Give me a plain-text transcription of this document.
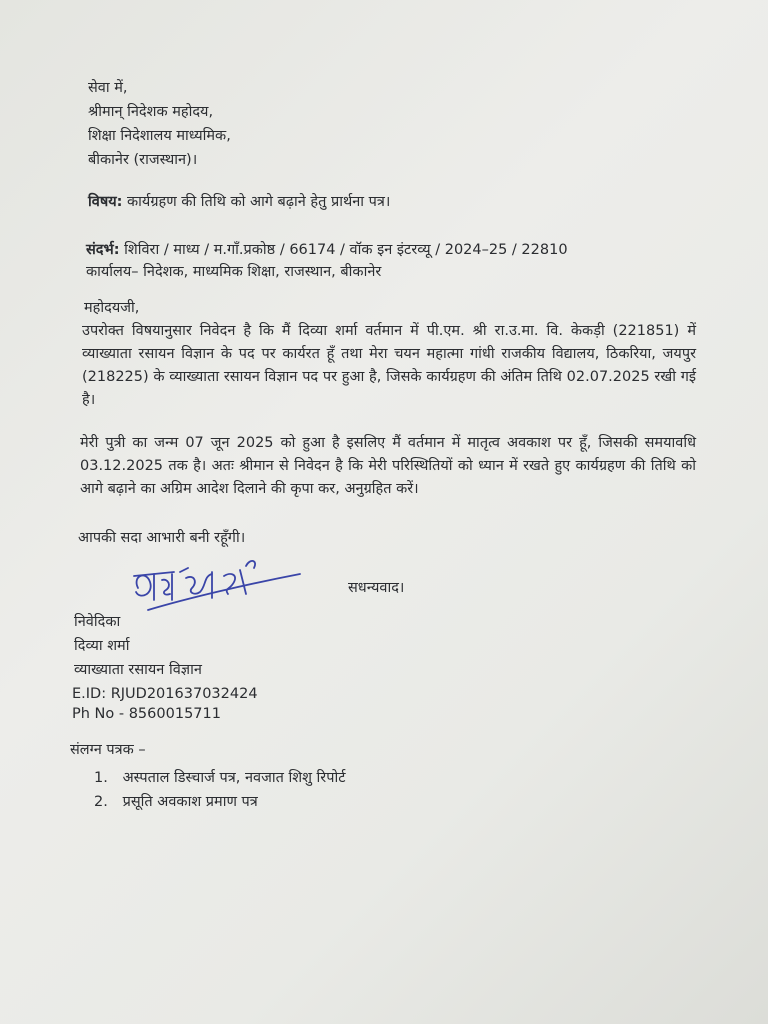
सेवा में,
श्रीमान् निदेशक महोदय,
शिक्षा निदेशालय माध्यमिक,
बीकानेर (राजस्थान)।
विषय: कार्यग्रहण की तिथि को आगे बढ़ाने हेतु प्रार्थना पत्र।
संदर्भ: शिविरा / माध्य / म.गाँ.प्रकोष्ठ / 66174 / वॉक इन इंटरव्यू / 2024–25 / 22810
कार्यालय– निदेशक, माध्यमिक शिक्षा, राजस्थान, बीकानेर
महोदयजी,
उपरोक्त विषयानुसार निवेदन है कि मैं दिव्या शर्मा वर्तमान में पी.एम. श्री रा.उ.मा. वि. केकड़ी (221851) में व्याख्याता रसायन विज्ञान के पद पर कार्यरत हूँ तथा मेरा चयन महात्मा गांधी राजकीय विद्यालय, ठिकरिया, जयपुर (218225) के व्याख्याता रसायन विज्ञान पद पर हुआ है, जिसके कार्यग्रहण की अंतिम तिथि 02.07.2025 रखी गई है।
मेरी पुत्री का जन्म 07 जून 2025 को हुआ है इसलिए मैं वर्तमान में मातृत्व अवकाश पर हूँ, जिसकी समयावधि 03.12.2025 तक है। अतः श्रीमान से निवेदन है कि मेरी परिस्थितियों को ध्यान में रखते हुए कार्यग्रहण की तिथि को आगे बढ़ाने का अग्रिम आदेश दिलाने की कृपा कर, अनुग्रहित करें।
आपकी सदा आभारी बनी रहूँगी।
दिव्या शर्मा
सधन्यवाद।
निवेदिका
दिव्या शर्मा
व्याख्याता रसायन विज्ञान
E.ID: RJUD201637032424
Ph No - 8560015711
संलग्न पत्रक –
1. अस्पताल डिस्चार्ज पत्र, नवजात शिशु रिपोर्ट
2. प्रसूति अवकाश प्रमाण पत्र
